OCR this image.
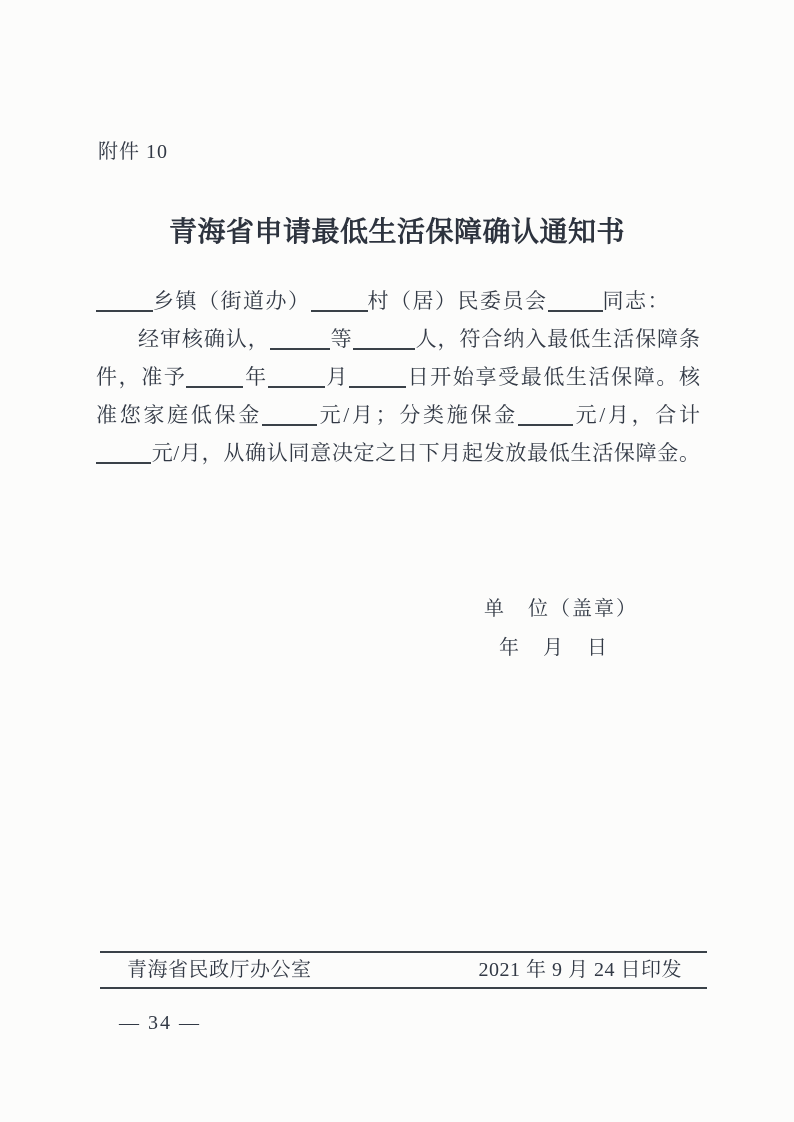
附件 10
青海省申请最低生活保障确认通知书
乡镇（街道办）	村（居）民委员会	同志：
经审核确认，	等	人，符合纳入最低生活保障条
件，准予	年	月	日开始享受最低生活保障。核
准您家庭低保金	元/月；分类施保金	元/月，合计
元/月，从确认同意决定之日下月起发放最低生活保障金。
单　位（盖章）
年　月　日
青海省民政厅办公室	2021 年 9 月 24 日印发
— 34 —
